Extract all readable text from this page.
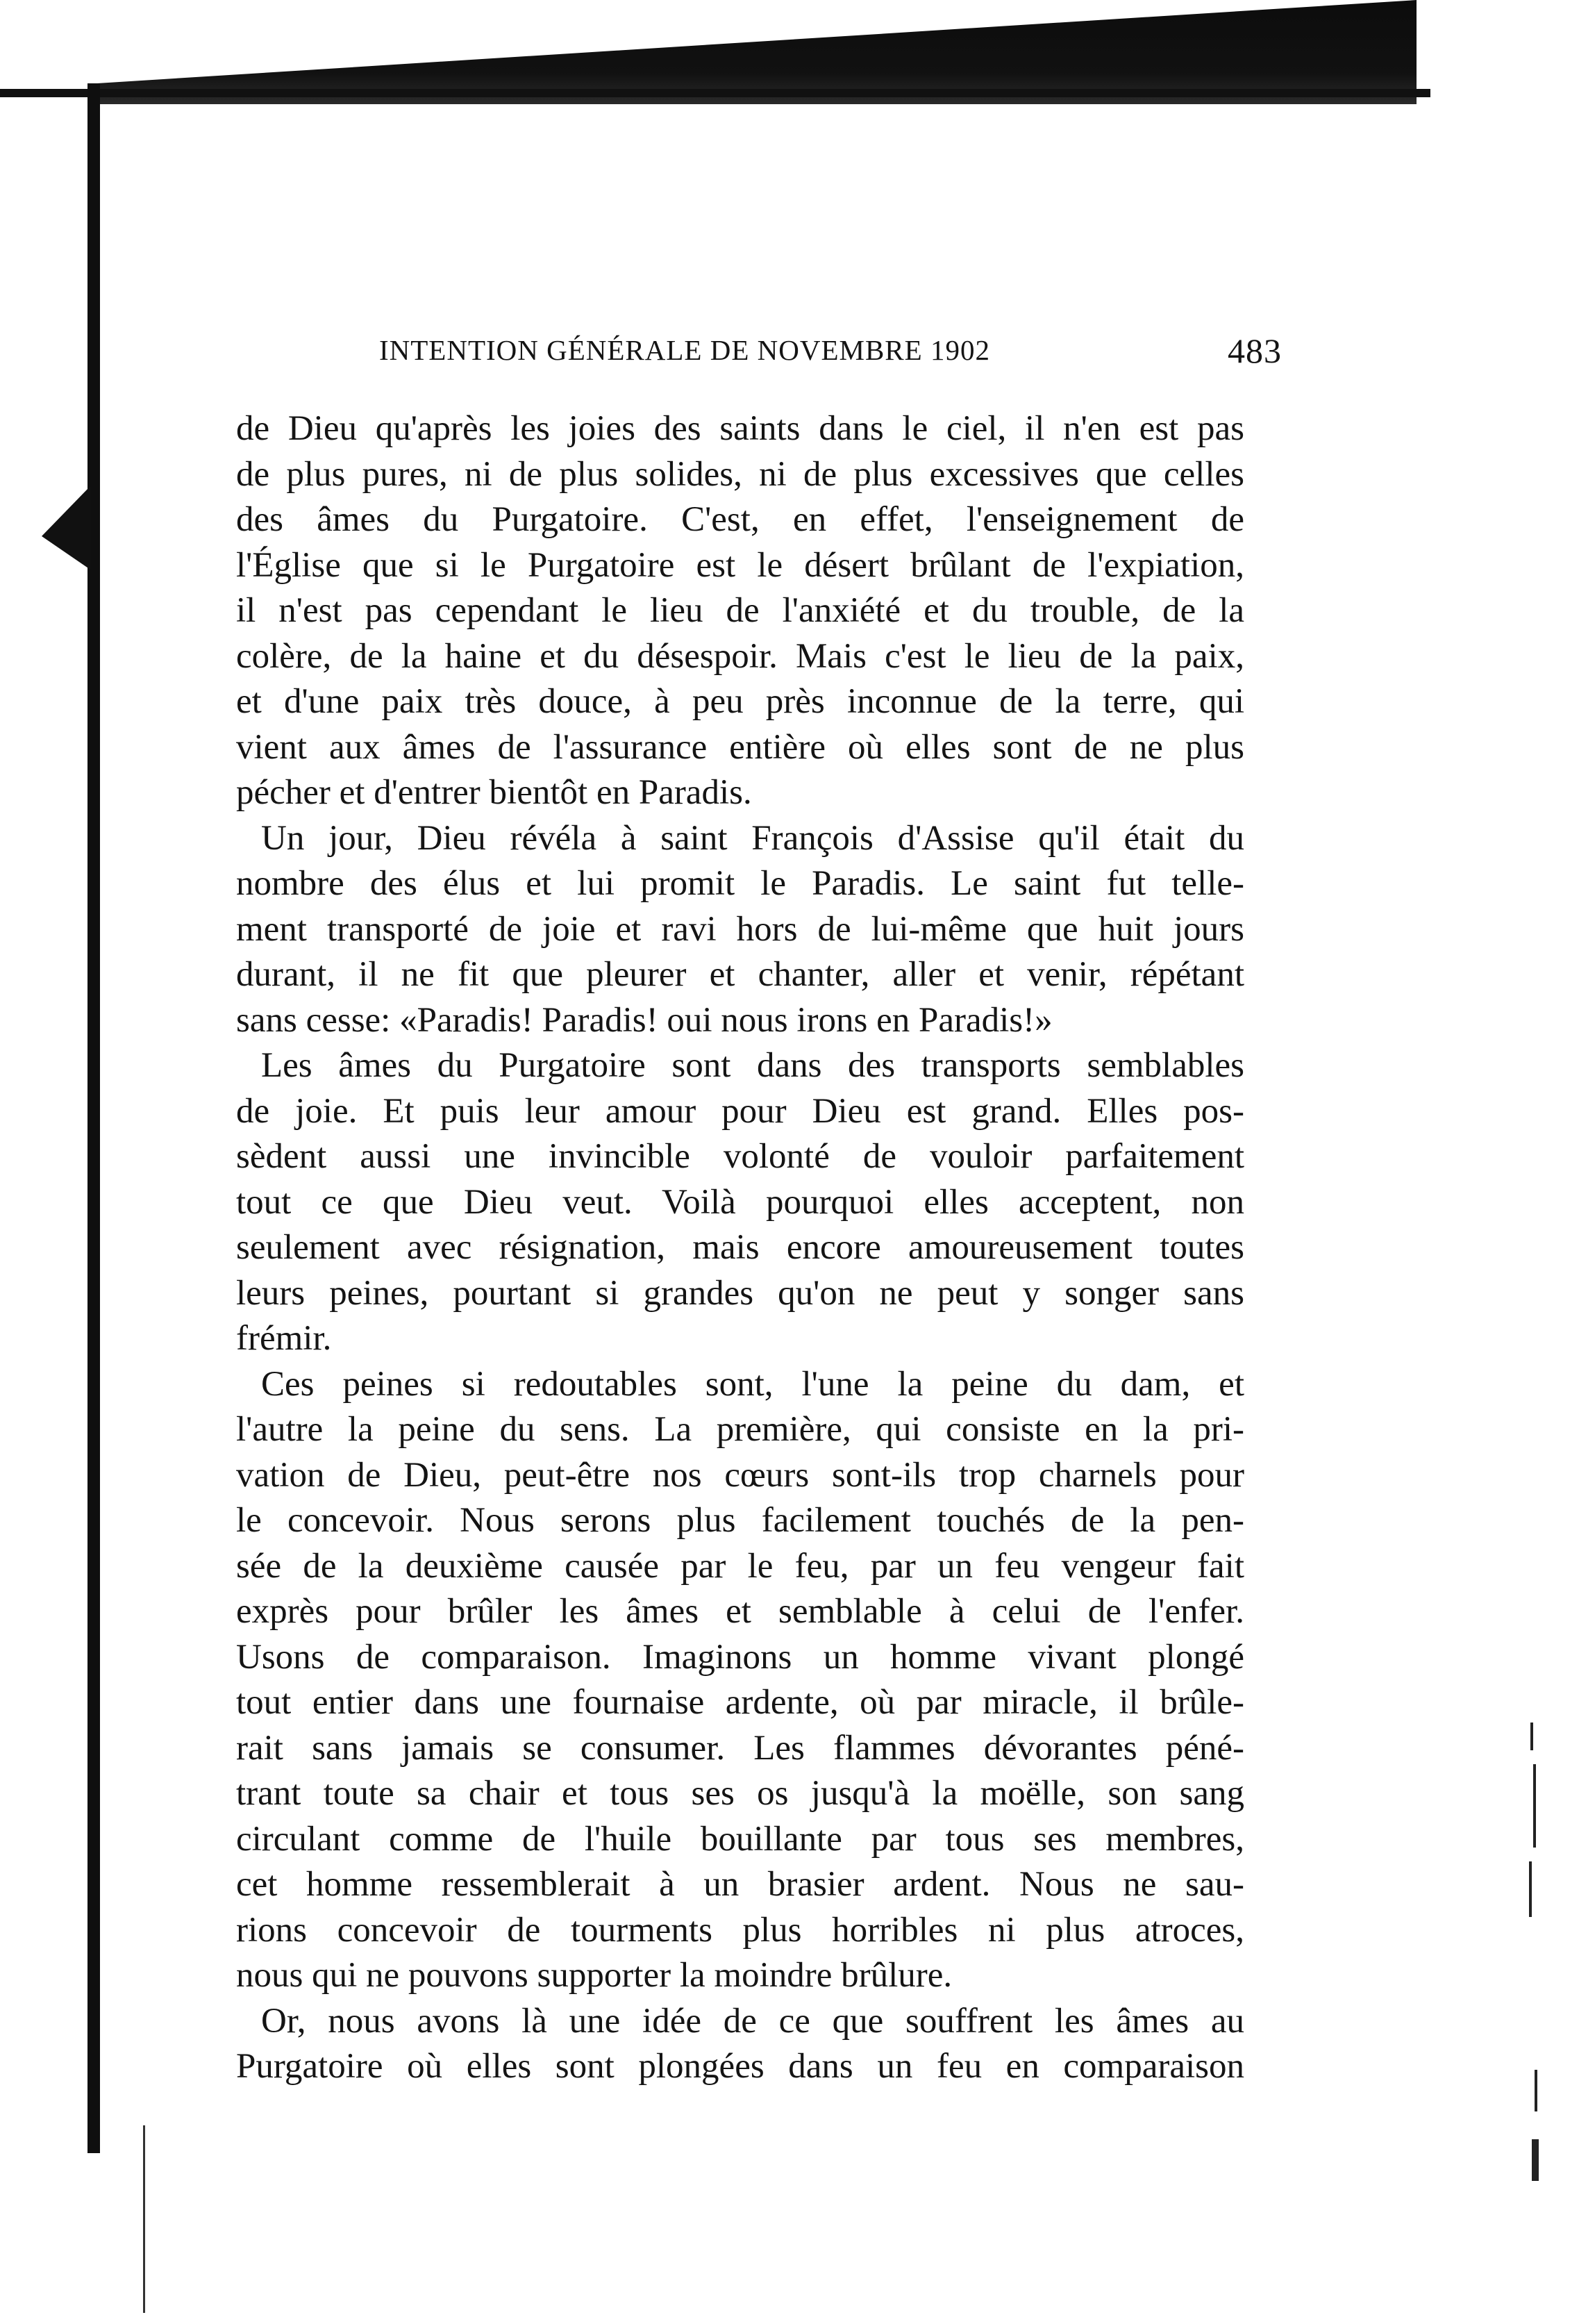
INTENTION GÉNÉRALE DE NOVEMBRE 1902	483
de Dieu qu'après les joies des saints dans le ciel, il n'en est pas
de plus pures, ni de plus solides, ni de plus excessives que celles
des âmes du Purgatoire. C'est, en effet, l'enseignement de
l'Église que si le Purgatoire est le désert brûlant de l'expiation,
il n'est pas cependant le lieu de l'anxiété et du trouble, de la
colère, de la haine et du désespoir. Mais c'est le lieu de la paix,
et d'une paix très douce, à peu près inconnue de la terre, qui
vient aux âmes de l'assurance entière où elles sont de ne plus
pécher et d'entrer bientôt en Paradis.
Un jour, Dieu révéla à saint François d'Assise qu'il était du
nombre des élus et lui promit le Paradis. Le saint fut telle-
ment transporté de joie et ravi hors de lui-même que huit jours
durant, il ne fit que pleurer et chanter, aller et venir, répétant
sans cesse: «Paradis! Paradis! oui nous irons en Paradis!»
Les âmes du Purgatoire sont dans des transports semblables
de joie. Et puis leur amour pour Dieu est grand. Elles pos-
sèdent aussi une invincible volonté de vouloir parfaitement
tout ce que Dieu veut. Voilà pourquoi elles acceptent, non
seulement avec résignation, mais encore amoureusement toutes
leurs peines, pourtant si grandes qu'on ne peut y songer sans
frémir.
Ces peines si redoutables sont, l'une la peine du dam, et
l'autre la peine du sens. La première, qui consiste en la pri-
vation de Dieu, peut-être nos cœurs sont-ils trop charnels pour
le concevoir. Nous serons plus facilement touchés de la pen-
sée de la deuxième causée par le feu, par un feu vengeur fait
exprès pour brûler les âmes et semblable à celui de l'enfer.
Usons de comparaison. Imaginons un homme vivant plongé
tout entier dans une fournaise ardente, où par miracle, il brûle-
rait sans jamais se consumer. Les flammes dévorantes péné-
trant toute sa chair et tous ses os jusqu'à la moëlle, son sang
circulant comme de l'huile bouillante par tous ses membres,
cet homme ressemblerait à un brasier ardent. Nous ne sau-
rions concevoir de tourments plus horribles ni plus atroces,
nous qui ne pouvons supporter la moindre brûlure.
Or, nous avons là une idée de ce que souffrent les âmes au
Purgatoire où elles sont plongées dans un feu en comparaison
